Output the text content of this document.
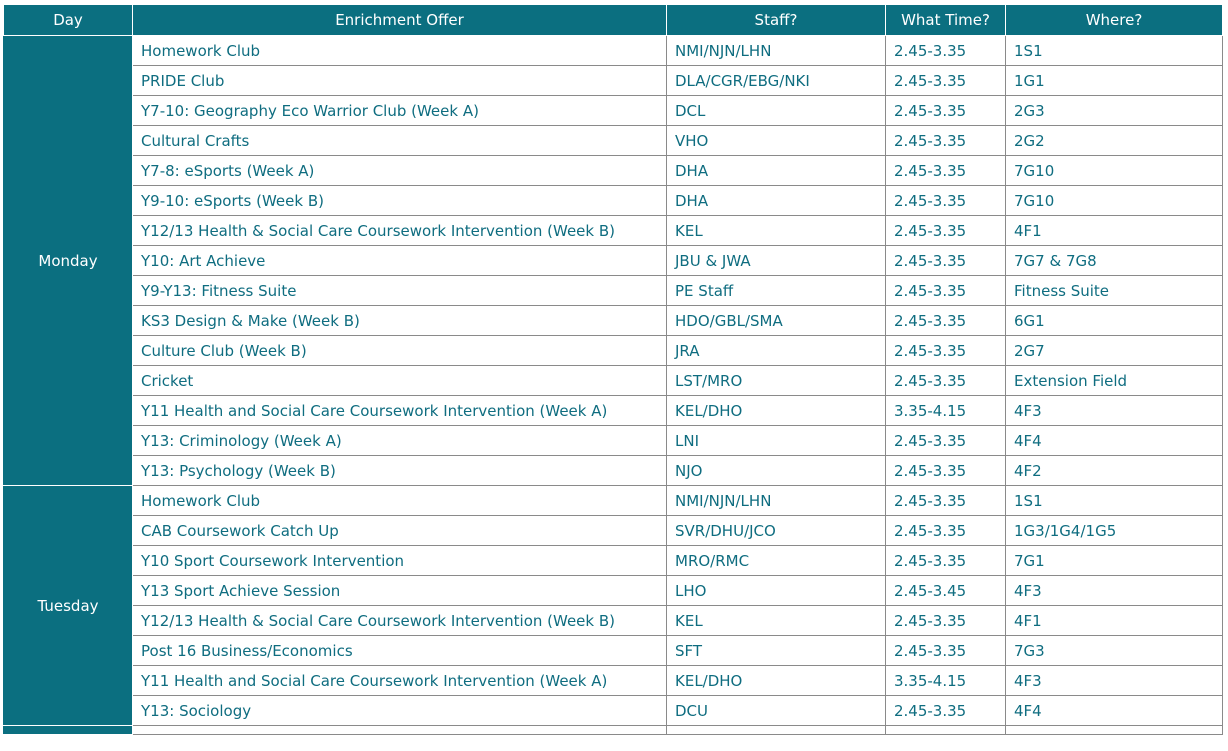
Day	Enrichment Offer	Staff?	What Time?	Where?
Monday	Homework Club	NMI/NJN/LHN	2.45-3.35	1S1
	PRIDE Club	DLA/CGR/EBG/NKI	2.45-3.35	1G1
	Y7-10: Geography Eco Warrior Club (Week A)	DCL	2.45-3.35	2G3
	Cultural Crafts	VHO	2.45-3.35	2G2
	Y7-8: eSports (Week A)	DHA	2.45-3.35	7G10
	Y9-10: eSports (Week B)	DHA	2.45-3.35	7G10
	Y12/13 Health & Social Care Coursework Intervention (Week B)	KEL	2.45-3.35	4F1
	Y10: Art Achieve	JBU & JWA	2.45-3.35	7G7 & 7G8
	Y9-Y13: Fitness Suite	PE Staff	2.45-3.35	Fitness Suite
	KS3 Design & Make (Week B)	HDO/GBL/SMA	2.45-3.35	6G1
	Culture Club (Week B)	JRA	2.45-3.35	2G7
	Cricket	LST/MRO	2.45-3.35	Extension Field
	Y11 Health and Social Care Coursework Intervention (Week A)	KEL/DHO	3.35-4.15	4F3
	Y13: Criminology (Week A)	LNI	2.45-3.35	4F4
	Y13: Psychology (Week B)	NJO	2.45-3.35	4F2
Tuesday	Homework Club	NMI/NJN/LHN	2.45-3.35	1S1
	CAB Coursework Catch Up	SVR/DHU/JCO	2.45-3.35	1G3/1G4/1G5
	Y10 Sport Coursework Intervention	MRO/RMC	2.45-3.35	7G1
	Y13 Sport Achieve Session	LHO	2.45-3.45	4F3
	Y12/13 Health & Social Care Coursework Intervention (Week B)	KEL	2.45-3.35	4F1
	Post 16 Business/Economics	SFT	2.45-3.35	7G3
	Y11 Health and Social Care Coursework Intervention (Week A)	KEL/DHO	3.35-4.15	4F3
	Y13: Sociology	DCU	2.45-3.35	4F4
